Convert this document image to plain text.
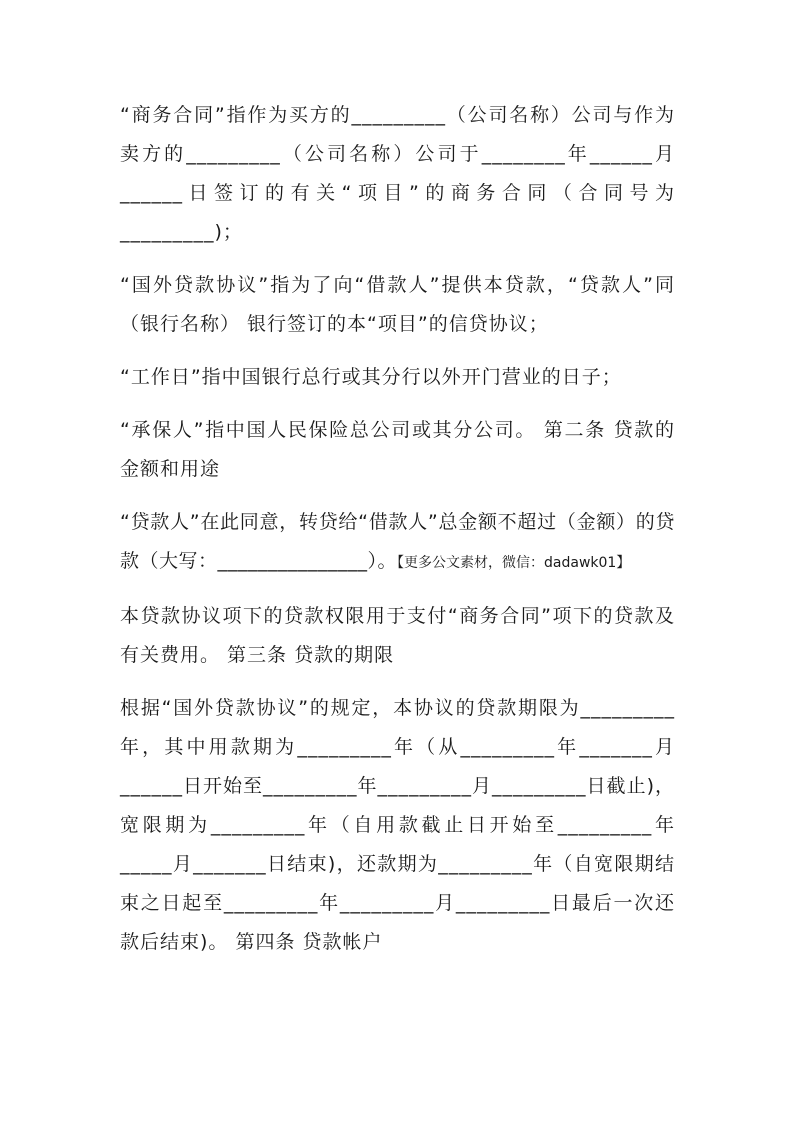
“商务合同”指作为买方的_________（公司名称）公司与作为卖方的_________（公司名称）公司于________年______月______日签订的有关“项目”的商务合同（合同号为_________)；

“国外贷款协议”指为了向“借款人”提供本贷款，“贷款人”同（银行名称） 银行签订的本“项目”的信贷协议；

“工作日”指中国银行总行或其分行以外开门营业的日子；

“承保人”指中国人民保险总公司或其分公司。 第二条 贷款的金额和用途

“贷款人”在此同意，转贷给“借款人”总金额不超过（金额）的贷款（大写：_______________）。【更多公文素材，微信：dadawk01】

本贷款协议项下的贷款权限用于支付“商务合同”项下的贷款及有关费用。 第三条 贷款的期限

根据“国外贷款协议”的规定，本协议的贷款期限为_________年，其中用款期为_________年（从_________年_______月______日开始至_________年_________月_________日截止)，宽限期为_________年（自用款截止日开始至_________年_____月_______日结束)，还款期为_________年（自宽限期结束之日起至_________年_________月_________日最后一次还款后结束)。 第四条 贷款帐户
